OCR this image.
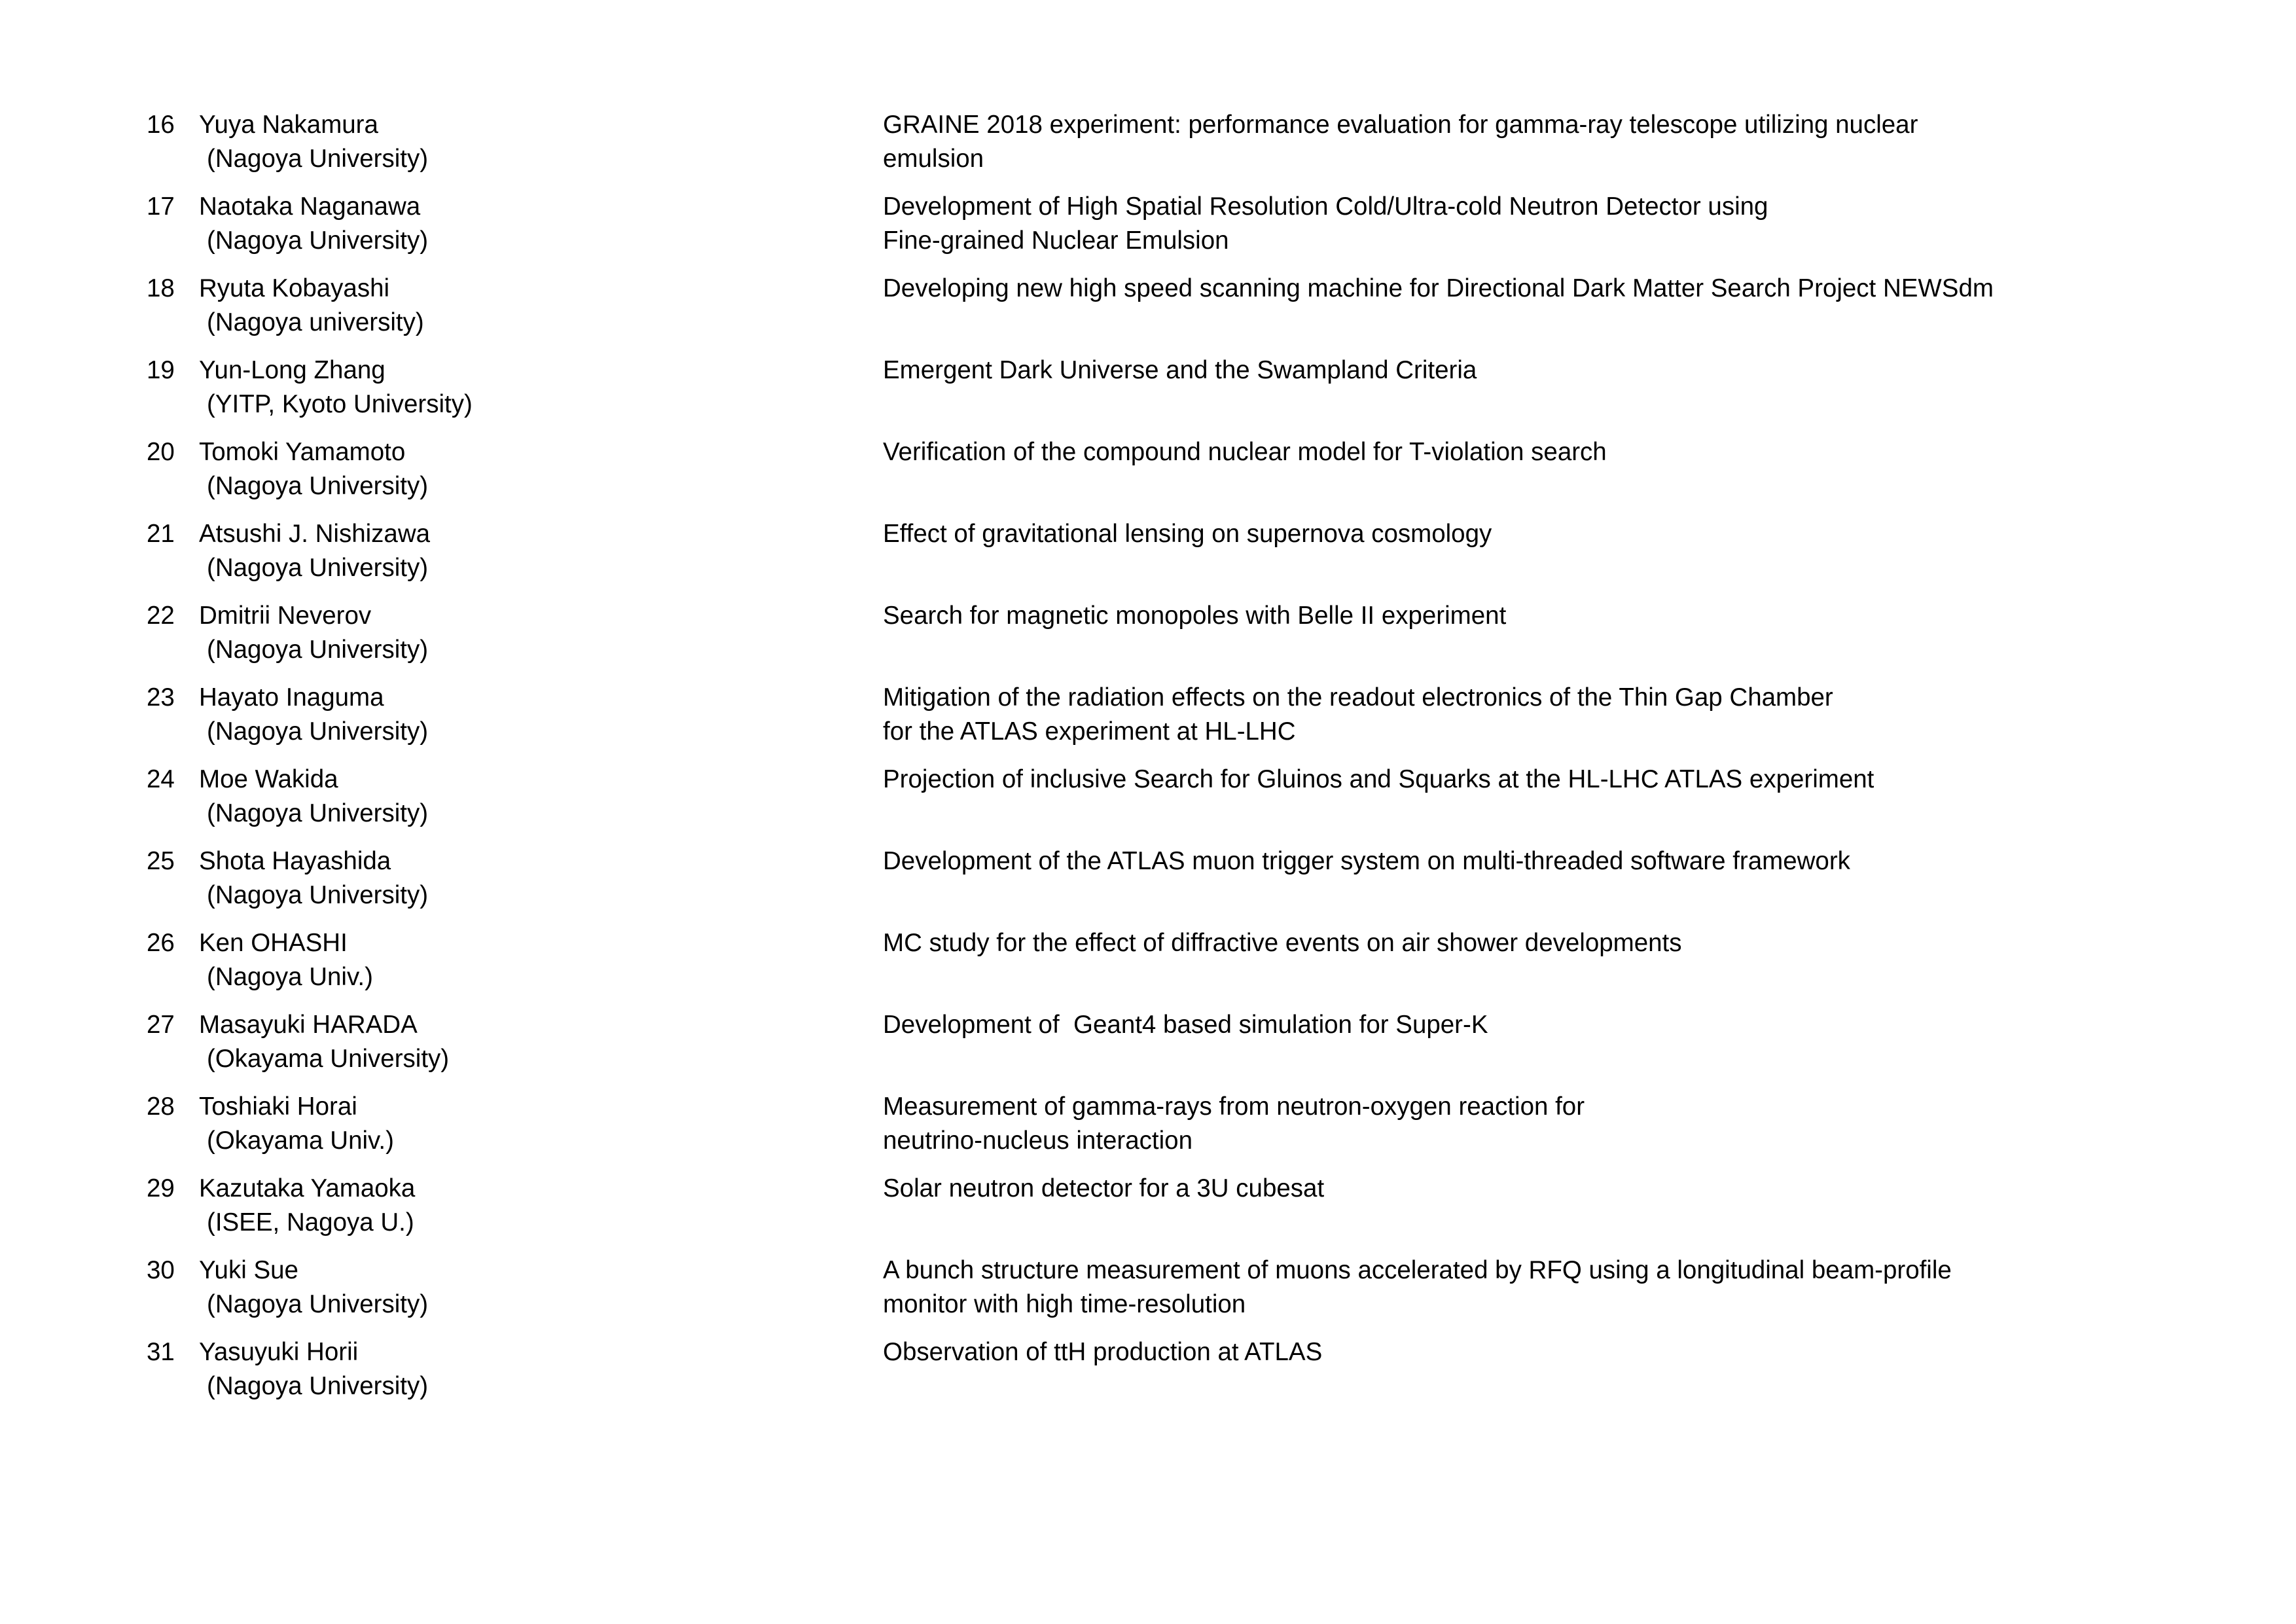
16 Yuya Nakamura
(Nagoya University)
GRAINE 2018 experiment: performance evaluation for gamma-ray telescope utilizing nuclear
emulsion
17 Naotaka Naganawa
(Nagoya University)
Development of High Spatial Resolution Cold/Ultra-cold Neutron Detector using
Fine-grained Nuclear Emulsion
18 Ryuta Kobayashi
(Nagoya university)
Developing new high speed scanning machine for Directional Dark Matter Search Project NEWSdm
19 Yun-Long Zhang
(YITP, Kyoto University)
Emergent Dark Universe and the Swampland Criteria
20 Tomoki Yamamoto
(Nagoya University)
Verification of the compound nuclear model for T-violation search
21 Atsushi J. Nishizawa
(Nagoya University)
Effect of gravitational lensing on supernova cosmology
22 Dmitrii Neverov
(Nagoya University)
Search for magnetic monopoles with Belle II experiment
23 Hayato Inaguma
(Nagoya University)
Mitigation of the radiation effects on the readout electronics of the Thin Gap Chamber
for the ATLAS experiment at HL-LHC
24 Moe Wakida
(Nagoya University)
Projection of inclusive Search for Gluinos and Squarks at the HL-LHC ATLAS experiment
25 Shota Hayashida
(Nagoya University)
Development of the ATLAS muon trigger system on multi-threaded software framework
26 Ken OHASHI
(Nagoya Univ.)
MC study for the effect of diffractive events on air shower developments
27 Masayuki HARADA
(Okayama University)
Development of  Geant4 based simulation for Super-K
28 Toshiaki Horai
(Okayama Univ.)
Measurement of gamma-rays from neutron-oxygen reaction for
neutrino-nucleus interaction
29 Kazutaka Yamaoka
(ISEE, Nagoya U.)
Solar neutron detector for a 3U cubesat
30 Yuki Sue
(Nagoya University)
A bunch structure measurement of muons accelerated by RFQ using a longitudinal beam-profile
monitor with high time-resolution
31 Yasuyuki Horii
(Nagoya University)
Observation of ttH production at ATLAS
